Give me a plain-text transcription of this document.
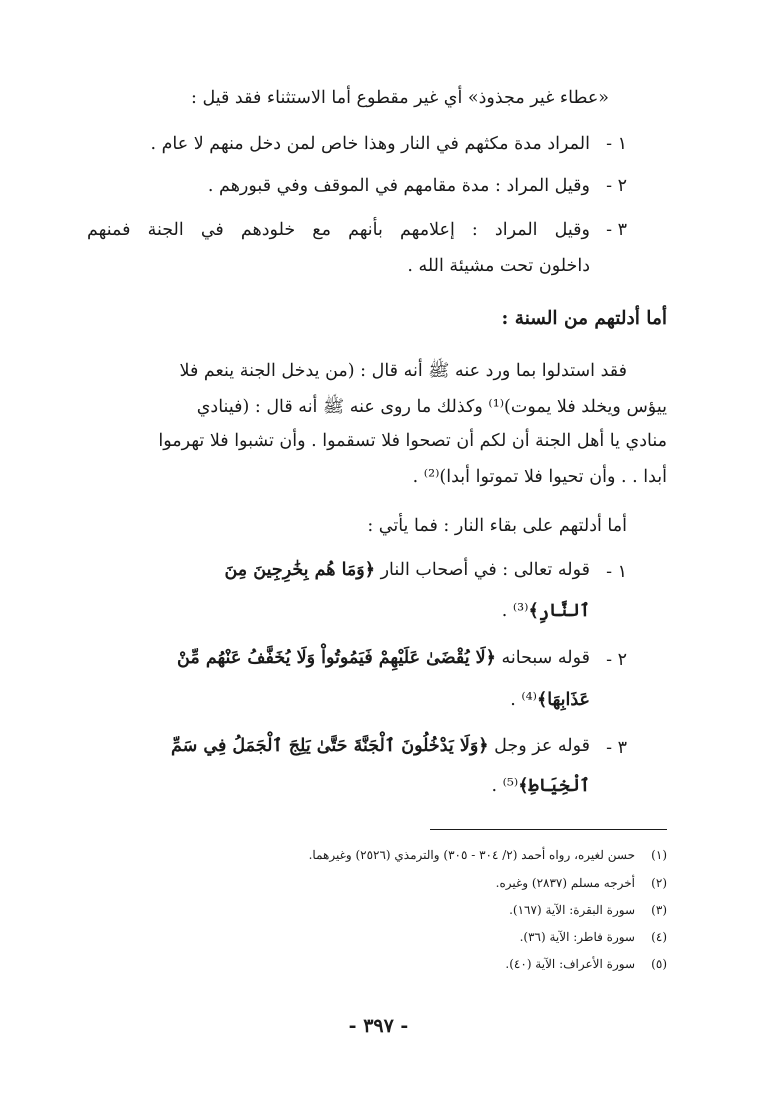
«عطاء غير مجذوذ» أي غير مقطوع أما الاستثناء فقد قيل :
١ -
المراد مدة مكثهم في النار وهذا خاص لمن دخل منهم لا عام .
٢ -
وقيل المراد : مدة مقامهم في الموقف وفي قبورهم .
٣ -
وقيل المراد : إعلامهم بأنهم مع خلودهم في الجنة فمنهم
داخلون تحت مشيئة الله .
أما أدلتهم من السنة :
فقد استدلوا بما ورد عنه ﷺ أنه قال : (من يدخل الجنة ينعم فلا
ييؤس ويخلد فلا يموت)⁽¹⁾ وكذلك ما روى عنه ﷺ أنه قال : (فينادي
منادي يا أهل الجنة أن لكم أن تصحوا فلا تسقموا . وأن تشبوا فلا تهرموا
أبدا . . وأن تحيوا فلا تموتوا أبدا)⁽²⁾ .
أما أدلتهم على بقاء النار : فما يأتي :
١ -
قوله تعالى : في أصحاب النار ﴿وَمَا هُم بِخَٰرِجِينَ مِنَ
ٱلنَّارِ﴾⁽³⁾ .
٢ -
قوله سبحانه ﴿لَا يُقْضَىٰ عَلَيْهِمْ فَيَمُوتُواْ وَلَا يُخَفَّفُ عَنْهُم مِّنْ
عَذَابِهَا﴾⁽⁴⁾ .
٣ -
قوله عز وجل ﴿وَلَا يَدْخُلُونَ ٱلْجَنَّةَ حَتَّىٰ يَلِجَ ٱلْجَمَلُ فِي سَمِّ
ٱلْخِيَاطِ﴾⁽⁵⁾ .
(١)
حسن لغيره، رواه أحمد (٢/ ٣٠٤ - ٣٠٥) والترمذي (٢٥٢٦) وغيرهما.
(٢)
أخرجه مسلم (٢٨٣٧) وغيره.
(٣)
سورة البقرة: الآية (١٦٧).
(٤)
سورة فاطر: الآية (٣٦).
(٥)
سورة الأعراف: الآية (٤٠).
- ٣٩٧ -
